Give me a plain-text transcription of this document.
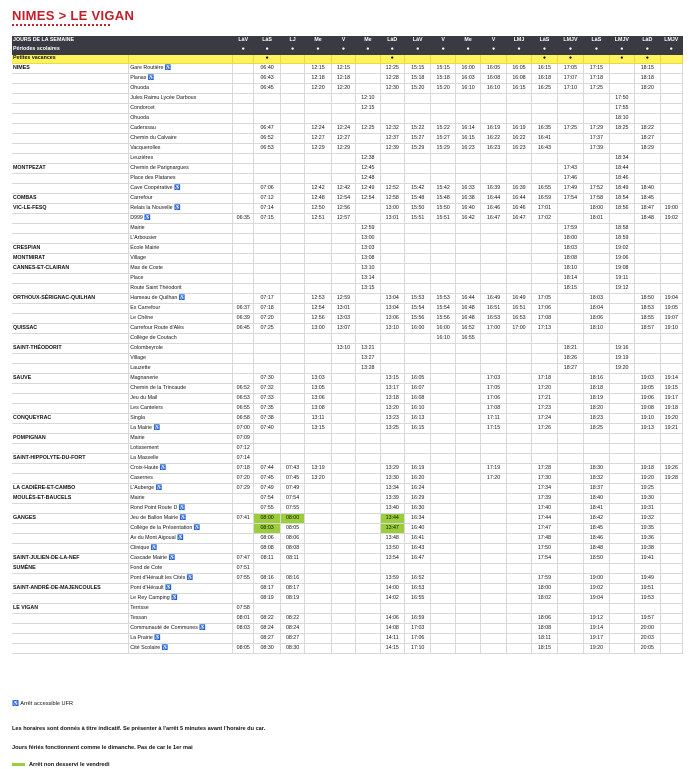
NIMES > LE VIGAN
JOURS DE LA SEMAINE		LàV	LàS	LJ	Me	V	Me	LàD	LàV	V	Me	V	LMJ	LàS	LMJV	LàS	LMJV	LàD	LMJV
Périodes scolaires		●	●	●	●	●	●	●	●	●	●	●	●	●	●	●	●	●	●
Petites vacances			●					●						●	●		●	●	
NIMES	Gare Routière ♿		06:40		12:15	12:15		12:25	15:15	15:15	16:00	16:05	16:05	16:15	17:05	17:15		18:15	
	Planas ♿		06:43		12:18	12:18		12:28	15:18	15:18	16:03	16:08	16:08	16:18	17:07	17:18		18:18	
	Ohuoda		06:45		12:20	12:20		12:30	15:20	15:20	16:10	16:10	16:15	16:25	17:10	17:25		18:20	
	Jules Raimu Lycée Darboux						12:10										17:50		
	Condorcet						12:15										17:55		
	Ohuoda																18:10		
	Caderssau		06:47		12:24	12:24	12:25	12:32	15:22	15:22	16:14	16:19	16:19	16:35	17:25	17:29	18:25	18:22	
	Chemin du Calvaire		06:52		12:27	12:27		12:37	15:27	15:27	16:15	16:22	16:22	16:41		17:37		18:27	
	Vacquerolles		06:53		12:29	12:29		12:39	15:29	15:29	16:23	16:23	16:23	16:43		17:39		18:29	
	Leuzières						12:38										18:34		
MONTPEZAT	Chemin de Parignargues						12:45								17:43		18:44		
	Place des Platanes						12:48								17:46		18:46		
	Cave Coopérative ♿		07:06		12:42	12:42	12:49	12:52	15:42	15:42	16:33	16:39	16:39	16:55	17:49	17:52	18:49	18:40	
COMBAS	Carrefour		07:12		12:48	12:54	12:54	12:58	15:48	15:48	16:38	16:44	16:44	16:59	17:54	17:58	18:54	18:45	
VIC-LE-FESQ	Relais la Nouvelle ♿		07:14		12:50	12:56		13:00	15:50	15:50	16:40	16:46	16:46	17:01		18:00	18:56	18:47	19:00
	D999 ♿	06:35	07:15		12:51	12:57		13:01	15:51	15:51	16:42	16:47	16:47	17:02		18:01		18:48	19:02
	Mairie						12:59								17:59		18:58		
	L'Arbousier						13:00								18:00		18:59		
CRESPIAN	École Mairie						13:03								18:03		19:02		
MONTMIRAT	Village						13:08								18:08		19:06		
CANNES-ET-CLAIRAN	Mas de Coste						13:10								18:10		19:08		
	Place						13:14								18:14		19:11		
	Route Saint Théodorit						13:15								18:15		19:12		
ORTHOUX-SÉRIGNAC-QUILHAN	Hameau de Quilhan ♿		07:17		12:53	12:59		13:04	15:53	15:53	16:44	16:49	16:49	17:05		18:03		18:50	19:04
	Ex Carrefour	06:37	07:18		12:54	13:01		13:04	15:54	15:54	16:48	16:51	16:51	17:06		18:04		18:53	19:05
	Le Chêne	06:39	07:20		12:56	13:03		13:06	15:56	15:56	16:48	16:53	16:53	17:08		18:06		18:55	19:07
QUISSAC	Carrefour Route d'Alès	06:45	07:25		13:00	13:07		13:10	16:00	16:00	16:52	17:00	17:00	17:13		18:10		18:57	19:10
	Collège de Coutach									16:10	16:55								
SAINT-THÉODORIT	Colombeyrole					13:10	13:21								18:21		19:16		
	Village						13:27								18:26		19:19		
	Lauzette						13:28								18:27		19:20		
SAUVE	Magnanerie		07:30		13:03			13:15	16:05			17:03		17:18		18:16		19:03	19:14
	Chemin de la Trincaude	06:52	07:32		13:05			13:17	16:07			17:05		17:20		18:18		19:05	19:15
	Jeu du Mail	06:53	07:33		13:06			13:18	16:08			17:06		17:21		18:19		19:06	19:17
	Les Cantelers	06:55	07:35		13:08			13:20	16:10			17:08		17:23		18:20		19:08	19:18
CONQUEYRAC	Singla	06:58	07:38		13:11			13:23	16:13			17:11		17:24		18:23		19:10	19:20
	La Mairie ♿	07:00	07:40		13:15			13:25	16:15			17:15		17:26		18:25		19:13	19:21
POMPIGNAN	Mairie	07:09																	
	Lotissement	07:12																	
SAINT-HIPPOLYTE-DU-FORT	La Masselle	07:14																	
	Croix-Haute ♿	07:18	07:44	07:43	13:19			13:29	16:19			17:19		17:28		18:30		19:18	19:26
	Casernes	07:20	07:45	07:45	13:20			13:30	16:20			17:20		17:30		18:32		19:20	19:28
LA CADIÈRE-ET-CAMBO	L'Auberge ♿	07:29	07:49	07:49				13:34	16:24					17:34		18:37		19:25	
MOULÈS-ET-BAUCELS	Mairie		07:54	07:54				13:39	16:29					17:39		18:40		19:30	
	Rond Point Route D ♿		07:55	07:55				13:40	16:30					17:40		18:41		19:31	
GANGES	Jeu de Ballon Mairie ♿	07:41	08:00	08:00				13:44	16:34					17:44		18:42		19:32	
	Collège de la Présentation ♿		08:03	08:05				13:47	16:40					17:47		18:45		19:35	
	Av du Mont Aigoual ♿		08:06	08:06				13:48	16:41					17:48		18:46		19:36	
	Clinique ♿		08:08	08:08				13:50	16:43					17:50		18:48		19:38	
SAINT-JULIEN-DE-LA-NEF	Cascade Mairie ♿	07:47	08:11	08:11				13:54	16:47					17:54		18:50		19:41	
SUMÈNE	Fond de Cote	07:51																	
	Pont d'Hérault les Cités ♿	07:55	08:16	08:16				13:59	16:52					17:59		19:00		19:49	
SAINT-ANDRÉ-DE-MAJENCOULES	Pont d'Hérault ♿		08:17	08:17				14:00	16:53					18:00		19:02		19:51	
	Le Rey Camping ♿		08:19	08:19				14:02	16:55					18:02		19:04		19:53	
LE VIGAN	Terrisse	07:58																	
	Tessan	08:01	08:22	08:22				14:06	16:59					18:06		19:12		19:57	
	Communauté de Communes ♿	08:03	08:24	08:24				14:08	17:03					18:08		19:14		20:00	
	La Prairie ♿		08:27	08:27				14:11	17:06					18:11		19:17		20:03	
	Cité Scolaire ♿	08:05	08:30	08:30				14:15	17:10					18:15		19:20		20:05	
♿ Arrêt accessible UFR
Les horaires sont donnés à titre indicatif. Se présenter à l'arrêt 5 minutes avant l'horaire du car.
Jours fériés fonctionnent comme le dimanche. Pas de car le 1er mai
Arrêt non desservi le vendredi
